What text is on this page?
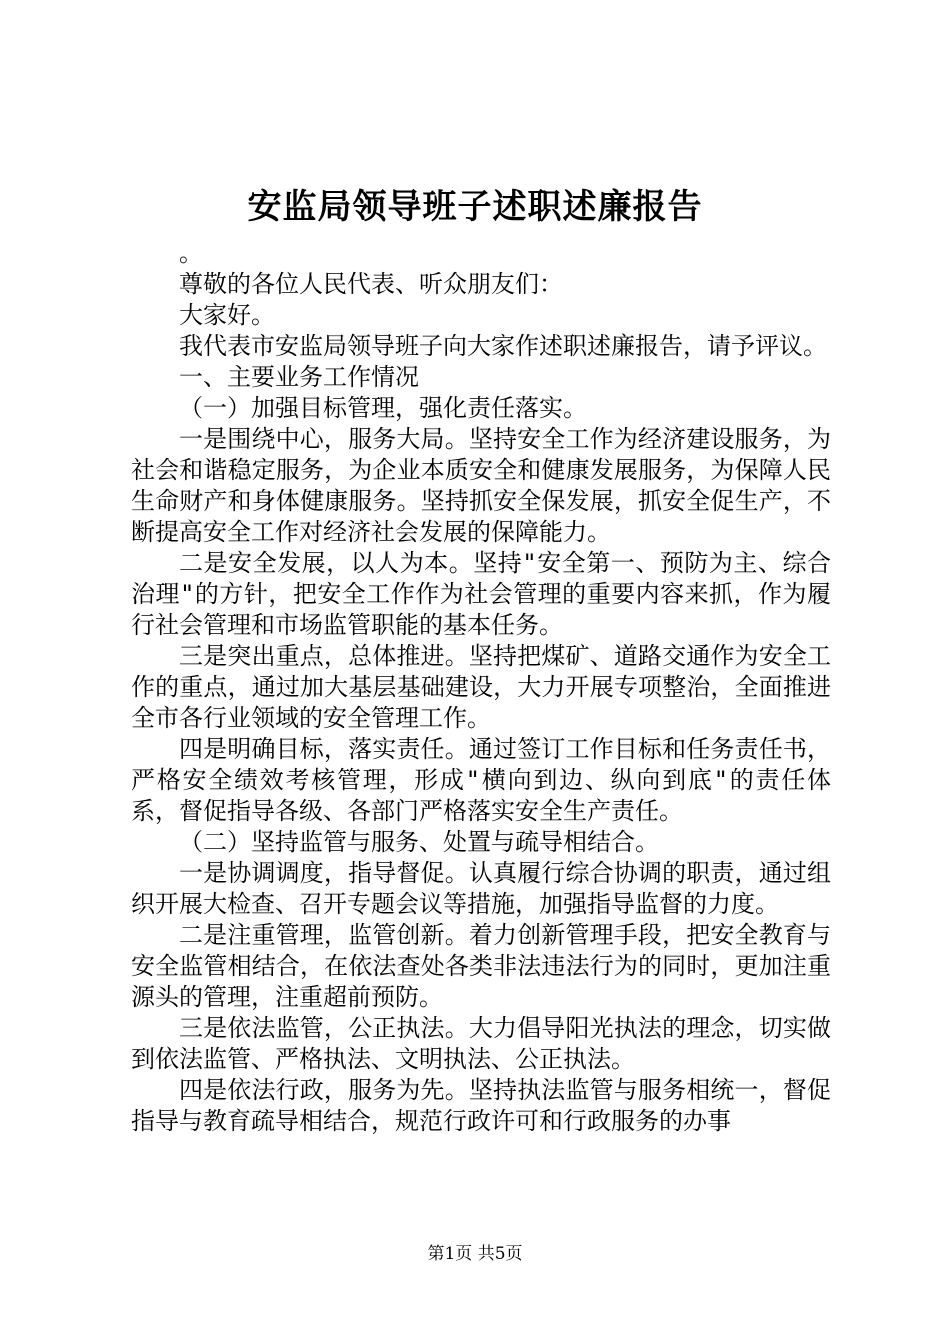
安监局领导班子述职述廉报告

。

尊敬的各位人民代表、听众朋友们：

大家好。

我代表市安监局领导班子向大家作述职述廉报告，请予评议。

一、主要业务工作情况

（一）加强目标管理，强化责任落实。

一是围绕中心，服务大局。坚持安全工作为经济建设服务，为社会和谐稳定服务，为企业本质安全和健康发展服务，为保障人民生命财产和身体健康服务。坚持抓安全保发展，抓安全促生产，不断提高安全工作对经济社会发展的保障能力。

二是安全发展，以人为本。坚持"安全第一、预防为主、综合治理"的方针，把安全工作作为社会管理的重要内容来抓，作为履行社会管理和市场监管职能的基本任务。

三是突出重点，总体推进。坚持把煤矿、道路交通作为安全工作的重点，通过加大基层基础建设，大力开展专项整治，全面推进全市各行业领域的安全管理工作。

四是明确目标，落实责任。通过签订工作目标和任务责任书，严格安全绩效考核管理，形成"横向到边、纵向到底"的责任体系，督促指导各级、各部门严格落实安全生产责任。

（二）坚持监管与服务、处置与疏导相结合。

一是协调调度，指导督促。认真履行综合协调的职责，通过组织开展大检查、召开专题会议等措施，加强指导监督的力度。

二是注重管理，监管创新。着力创新管理手段，把安全教育与安全监管相结合，在依法查处各类非法违法行为的同时，更加注重源头的管理，注重超前预防。

三是依法监管，公正执法。大力倡导阳光执法的理念，切实做到依法监管、严格执法、文明执法、公正执法。

四是依法行政，服务为先。坚持执法监管与服务相统一，督促指导与教育疏导相结合，规范行政许可和行政服务的办事

第1页 共5页
